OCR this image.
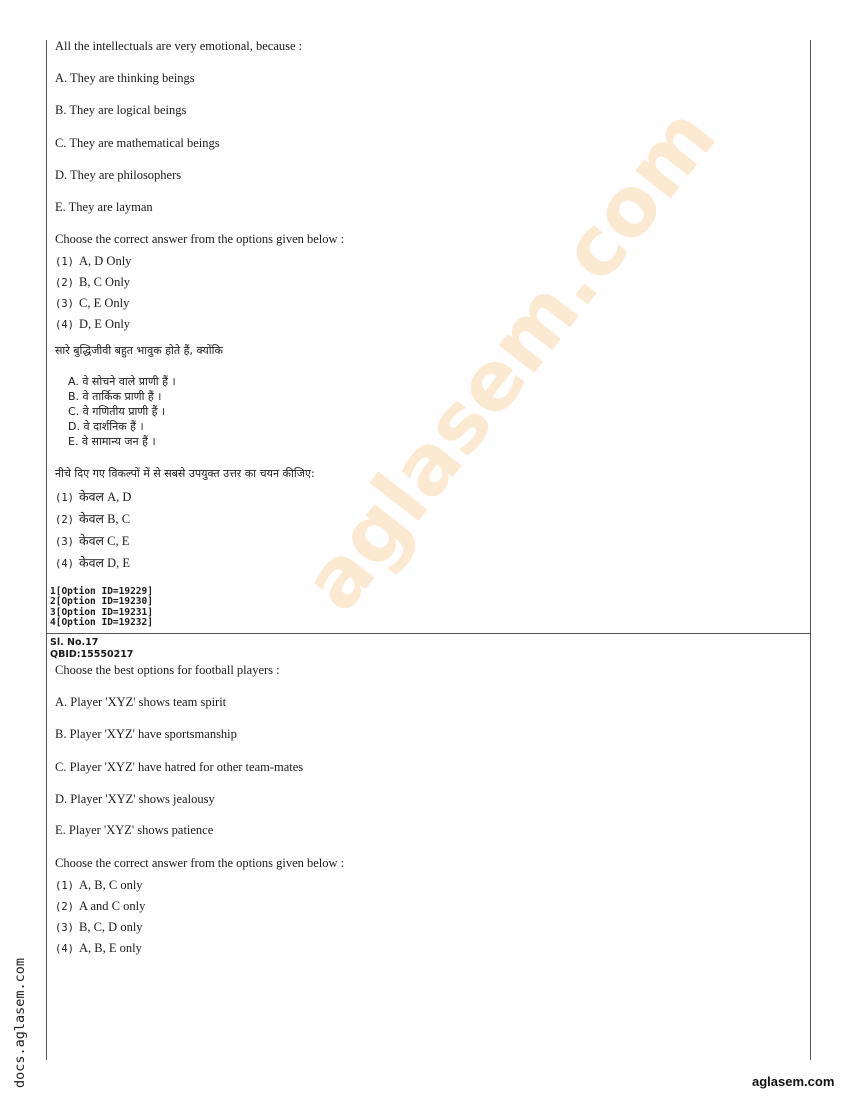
aglasem.com
All the intellectuals are very emotional, because :
A. They are thinking beings
B. They are logical beings
C. They are mathematical beings
D. They are philosophers
E. They are layman
Choose the correct answer from the options given below :
(1) A, D Only
(2) B, C Only
(3) C, E Only
(4) D, E Only
सारे बुद्धिजीवी बहुत भावुक होते हैं, क्योंकि
A. वे सोचने वाले प्राणी हैं ।
B. वे तार्किक प्राणी हैं ।
C. वे गणितीय प्राणी हैं ।
D. वे दार्शनिक हैं ।
E. वे सामान्य जन हैं ।
नीचे दिए गए विकल्पों में से सबसे उपयुक्त उत्तर का चयन कीजिए:
(1) केवल A, D
(2) केवल B, C
(3) केवल C, E
(4) केवल D, E
1[Option ID=19229]
2[Option ID=19230]
3[Option ID=19231]
4[Option ID=19232]
Sl. No.17
QBID:15550217
Choose the best options for football players :
A. Player 'XYZ' shows team spirit
B. Player 'XYZ' have sportsmanship
C. Player 'XYZ' have hatred for other team-mates
D. Player 'XYZ' shows jealousy
E. Player 'XYZ' shows patience
Choose the correct answer from the options given below :
(1) A, B, C only
(2) A and C only
(3) B, C, D only
(4) A, B, E only
docs.aglasem.com	aglasem.com
